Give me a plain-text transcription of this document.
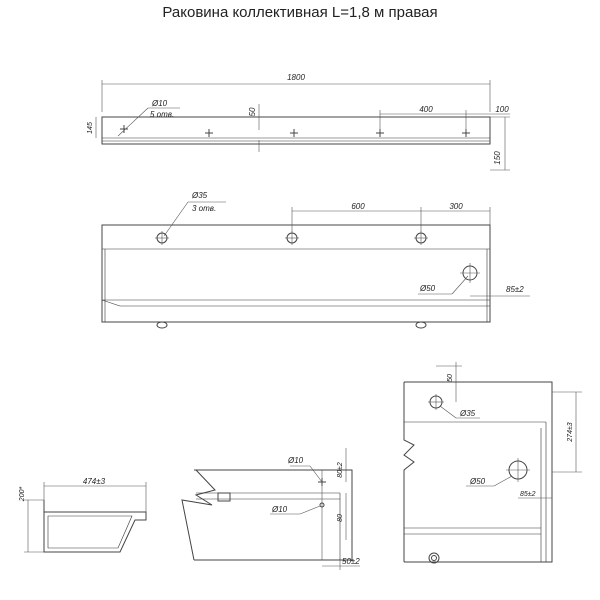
Раковина коллективная L=1,8 м правая
1800
145
150
Ø10
5 отв.	50	400	100
Ø35
3 отв.	600	300
Ø50	85±2
474±3
200*
Ø10
Ø10
80±2
80
50±2
50
Ø35
274±3
Ø50
85±2
